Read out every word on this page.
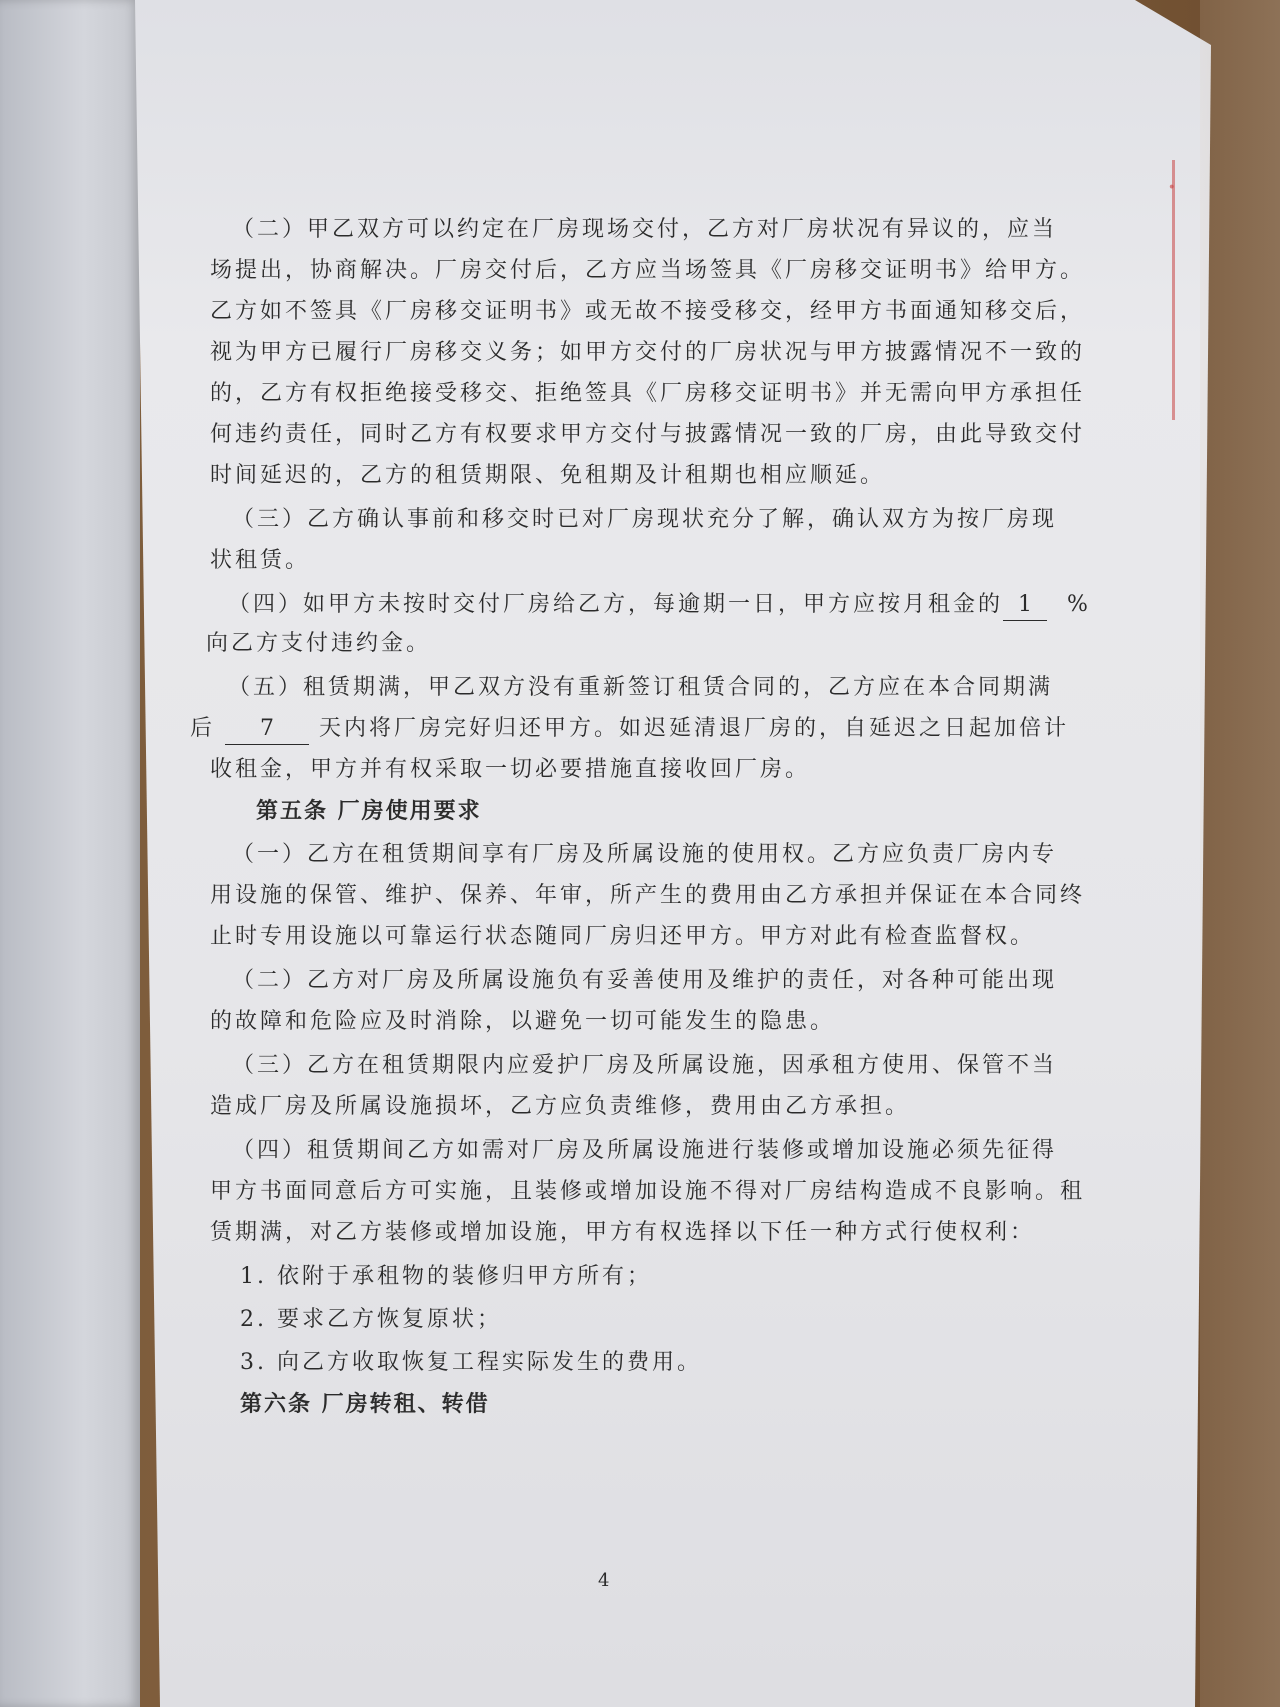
·
（二）甲乙双方可以约定在厂房现场交付，乙方对厂房状况有异议的，应当
场提出，协商解决。厂房交付后，乙方应当场签具《厂房移交证明书》给甲方。
乙方如不签具《厂房移交证明书》或无故不接受移交，经甲方书面通知移交后，
视为甲方已履行厂房移交义务；如甲方交付的厂房状况与甲方披露情况不一致的
的，乙方有权拒绝接受移交、拒绝签具《厂房移交证明书》并无需向甲方承担任
何违约责任，同时乙方有权要求甲方交付与披露情况一致的厂房，由此导致交付
时间延迟的，乙方的租赁期限、免租期及计租期也相应顺延。
（三）乙方确认事前和移交时已对厂房现状充分了解，确认双方为按厂房现
状租赁。
（四）如甲方未按时交付厂房给乙方，每逾期一日，甲方应按月租金的 1 %
向乙方支付违约金。
（五）租赁期满，甲乙双方没有重新签订租赁合同的，乙方应在本合同期满
后 7 天内将厂房完好归还甲方。如迟延清退厂房的，自延迟之日起加倍计
收租金，甲方并有权采取一切必要措施直接收回厂房。
第五条 厂房使用要求
（一）乙方在租赁期间享有厂房及所属设施的使用权。乙方应负责厂房内专
用设施的保管、维护、保养、年审，所产生的费用由乙方承担并保证在本合同终
止时专用设施以可靠运行状态随同厂房归还甲方。甲方对此有检查监督权。
（二）乙方对厂房及所属设施负有妥善使用及维护的责任，对各种可能出现
的故障和危险应及时消除，以避免一切可能发生的隐患。
（三）乙方在租赁期限内应爱护厂房及所属设施，因承租方使用、保管不当
造成厂房及所属设施损坏，乙方应负责维修，费用由乙方承担。
（四）租赁期间乙方如需对厂房及所属设施进行装修或增加设施必须先征得
甲方书面同意后方可实施，且装修或增加设施不得对厂房结构造成不良影响。租
赁期满，对乙方装修或增加设施，甲方有权选择以下任一种方式行使权利：
1. 依附于承租物的装修归甲方所有；
2. 要求乙方恢复原状；
3. 向乙方收取恢复工程实际发生的费用。
第六条 厂房转租、转借
4
